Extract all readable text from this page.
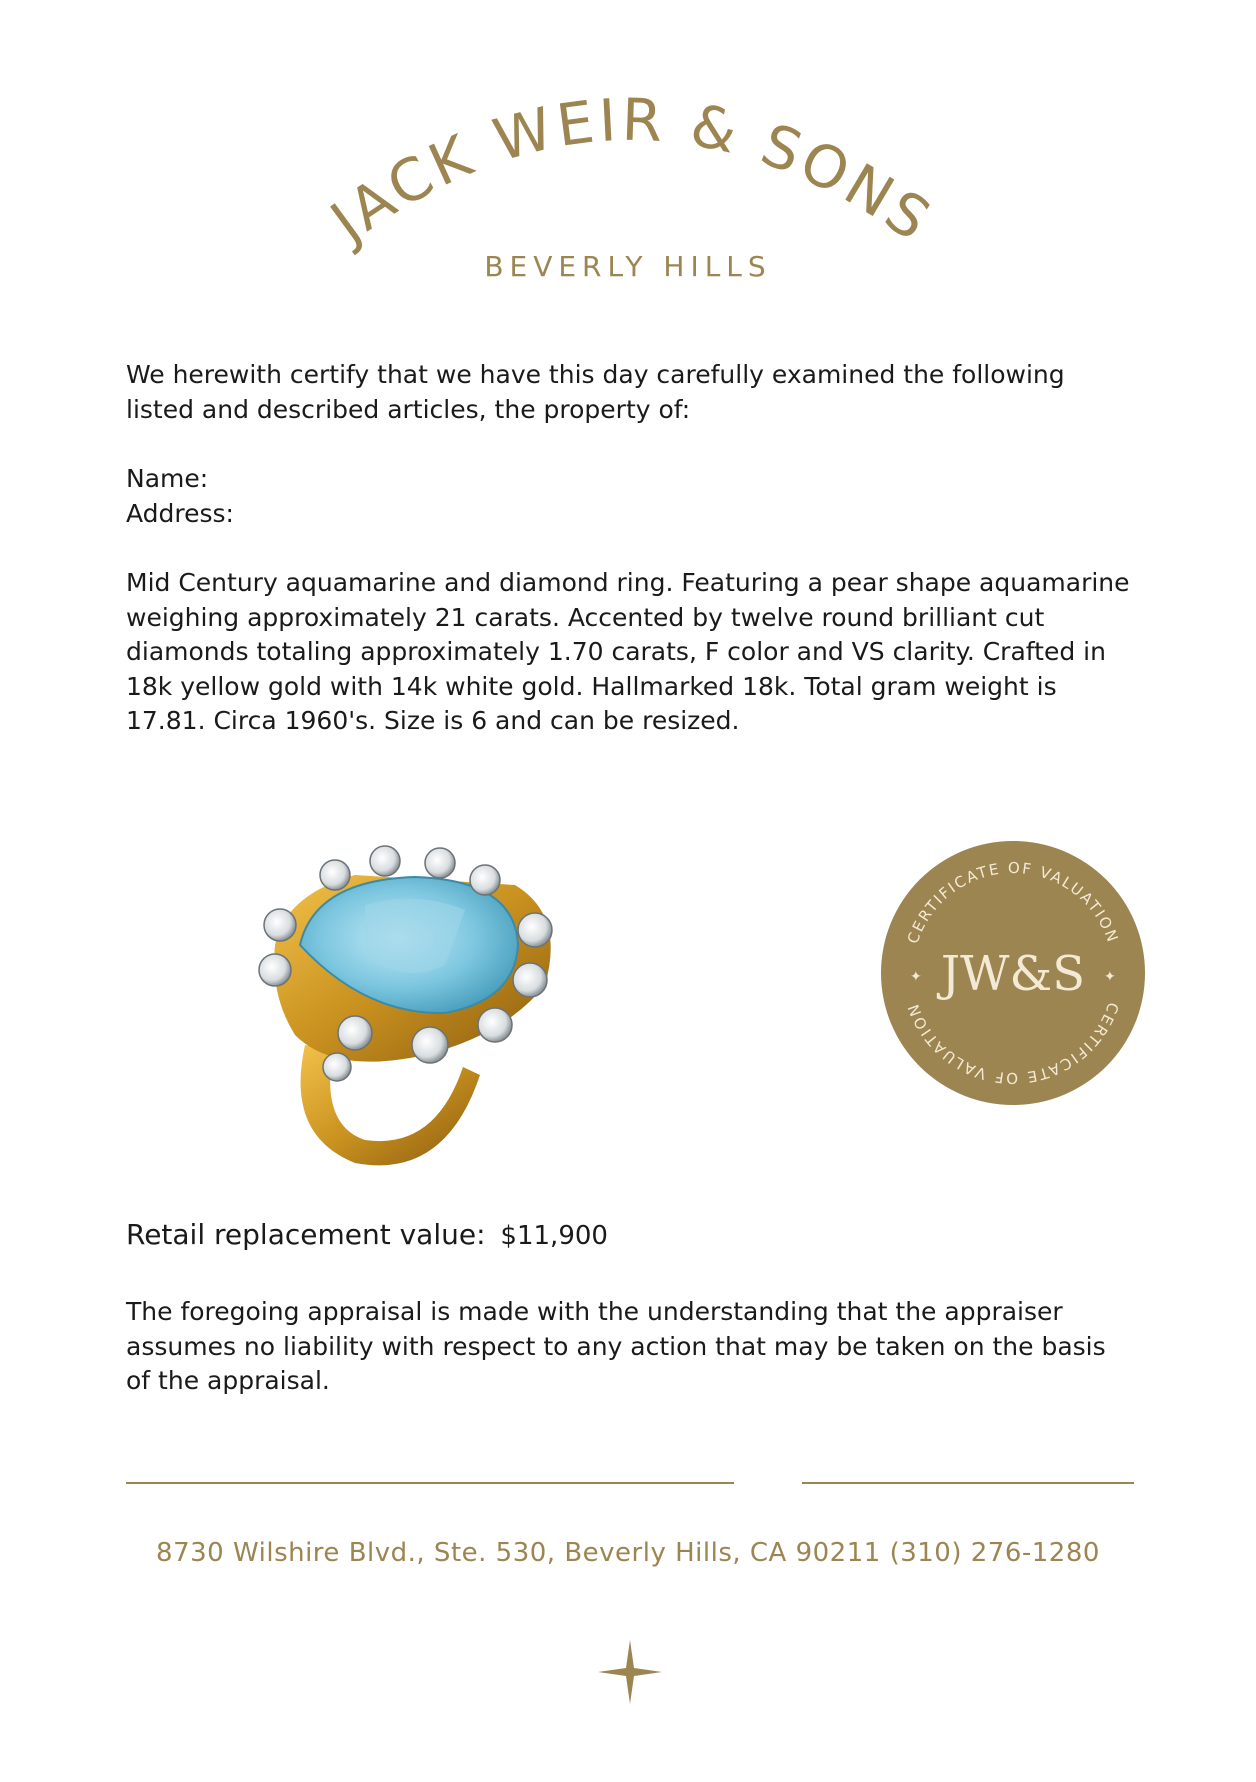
JACK WEIR & SONS
BEVERLY HILLS
We herewith certify that we have this day carefully examined the following listed and described articles, the property of:
Name:
Address:
Mid Century aquamarine and diamond ring. Featuring a pear shape aquamarine weighing approximately 21 carats. Accented by twelve round brilliant cut diamonds totaling approximately 1.70 carats, F color and VS clarity. Crafted in 18k yellow gold with 14k white gold. Hallmarked 18k. Total gram weight is 17.81. Circa 1960's. Size is 6 and can be resized.
CERTIFICATE OF VALUATION
CERTIFICATE OF VALUATION
JW&S
✦	✦
Retail replacement value: $11,900
The foregoing appraisal is made with the understanding that the appraiser assumes no liability with respect to any action that may be taken on the basis of the appraisal.
8730 Wilshire Blvd., Ste. 530, Beverly Hills, CA 90211 (310) 276-1280
